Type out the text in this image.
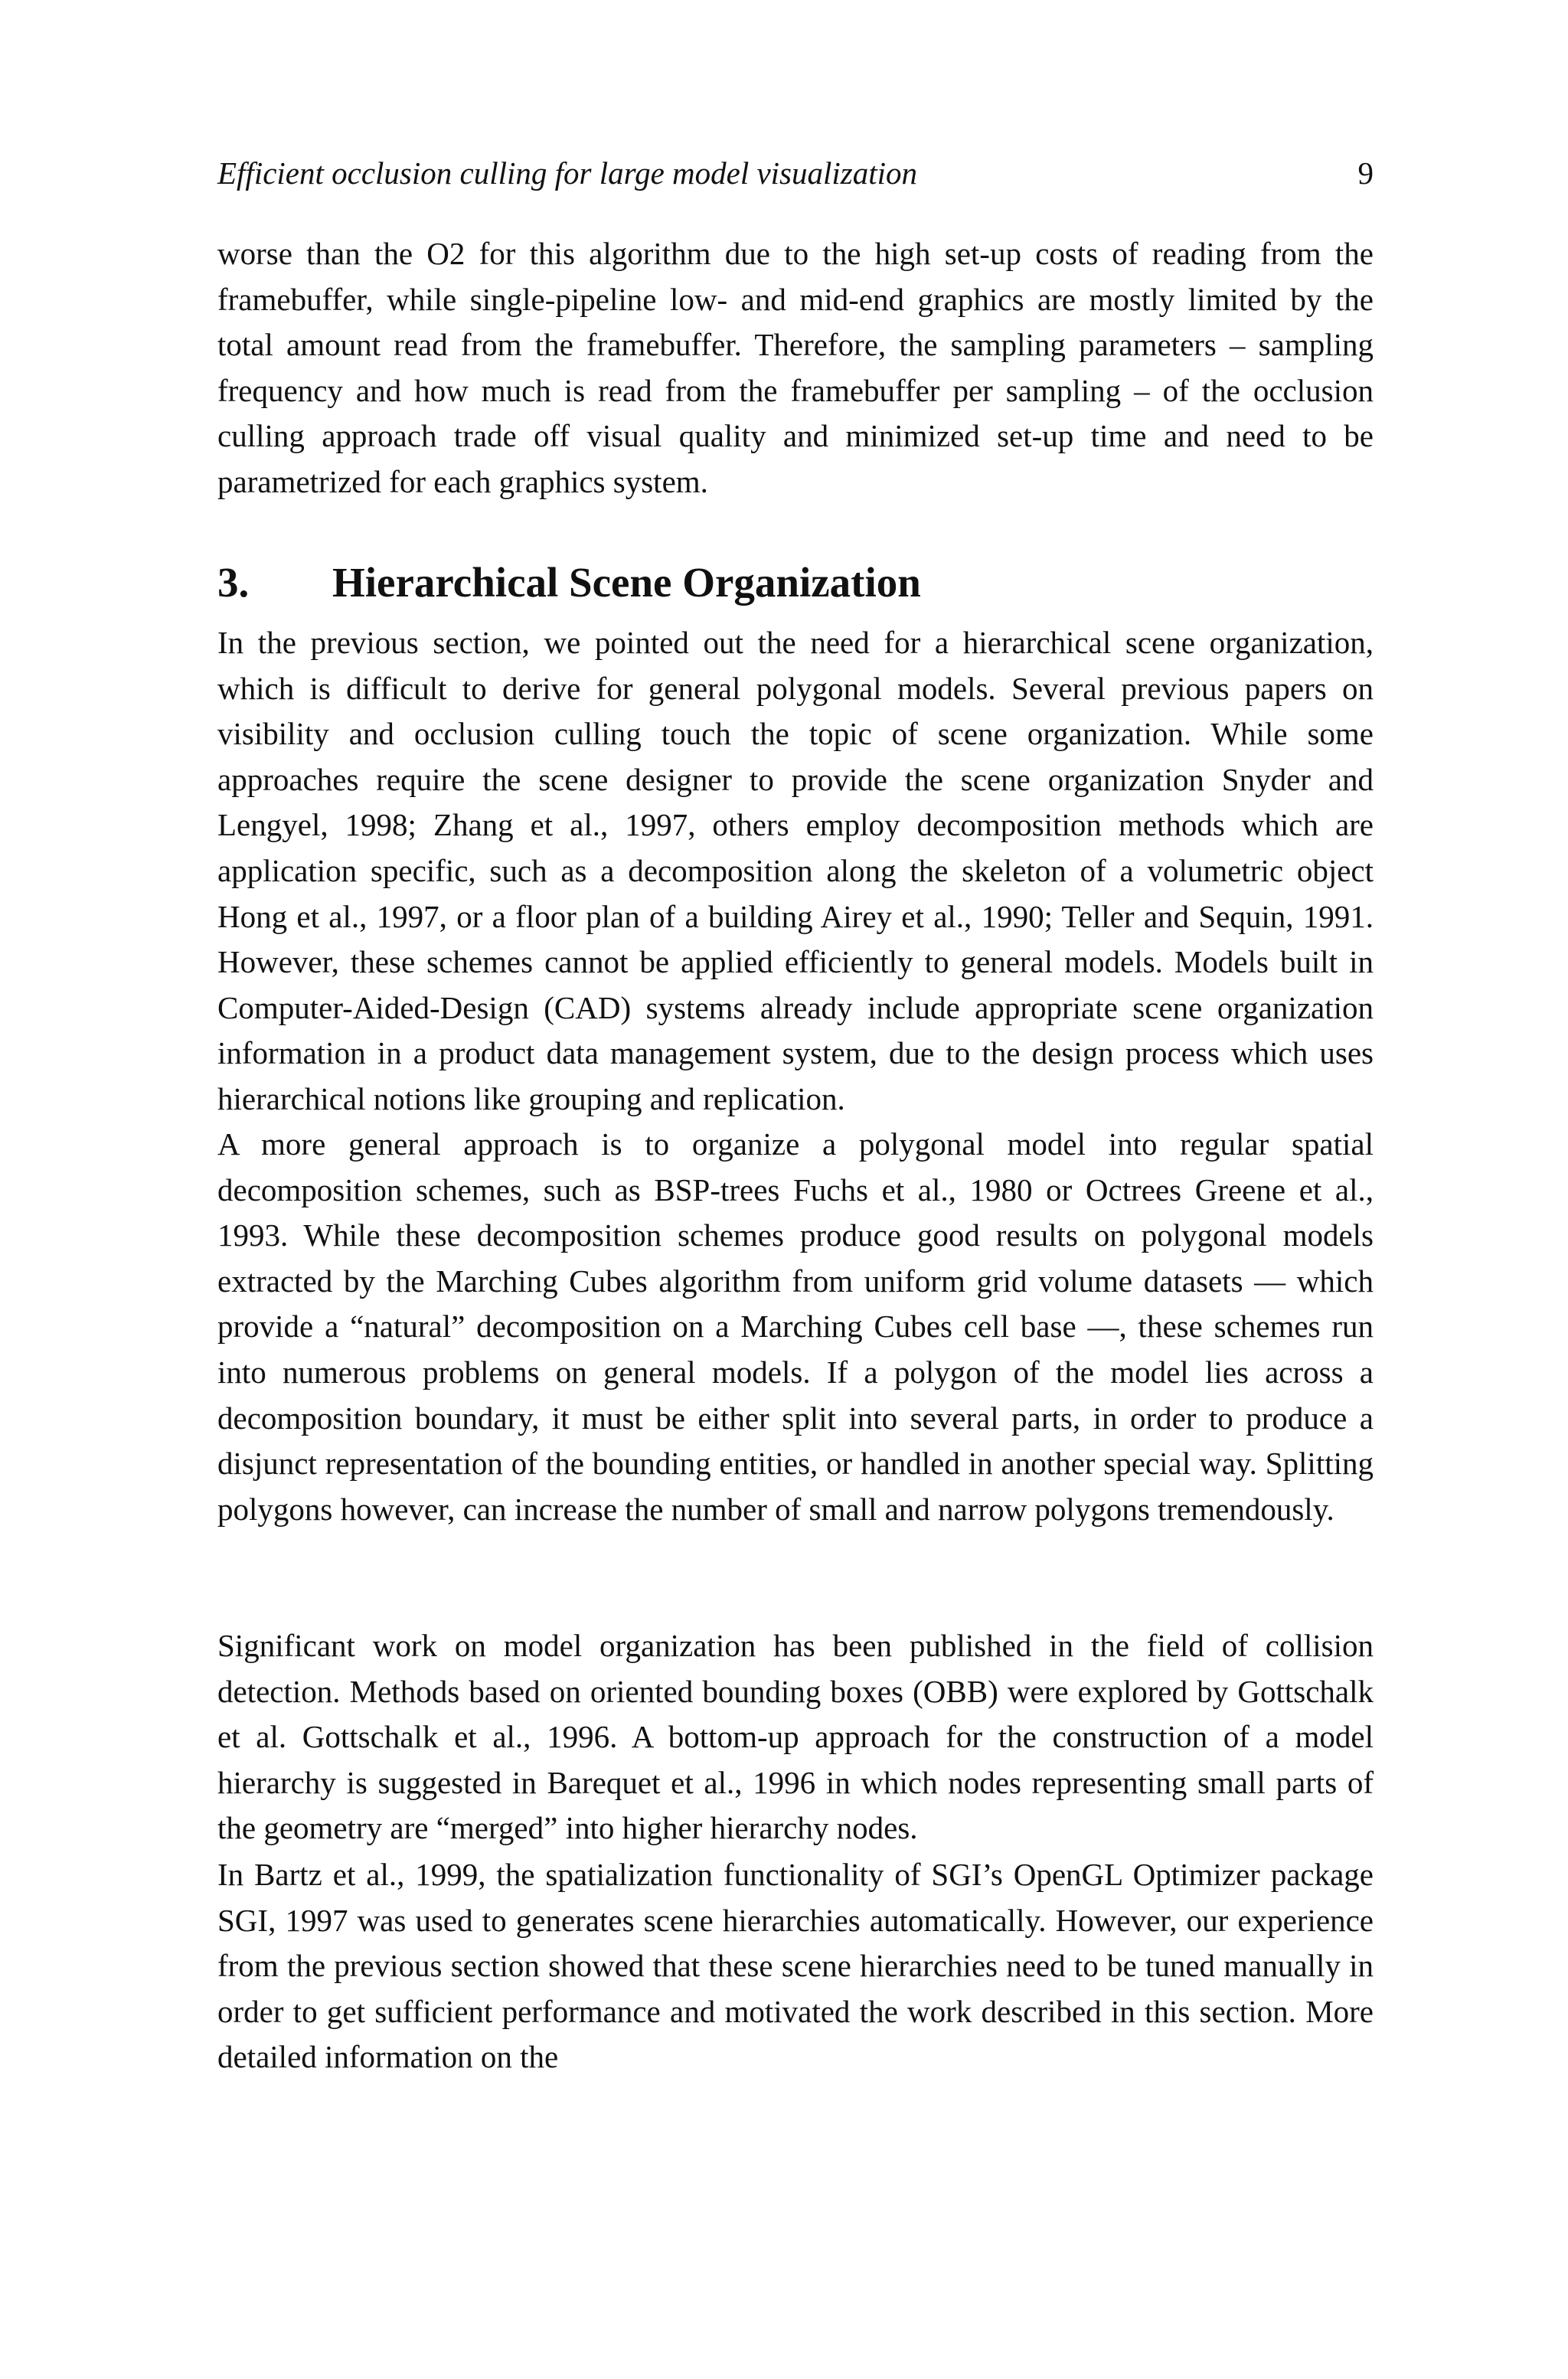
Efficient occlusion culling for large model visualization	9

worse than the O2 for this algorithm due to the high set-up costs of reading from the framebuffer, while single-pipeline low- and mid-end graphics are mostly limited by the total amount read from the framebuffer. Therefore, the sampling parameters – sampling frequency and how much is read from the framebuffer per sampling – of the occlusion culling approach trade off visual quality and minimized set-up time and need to be parametrized for each graphics system.

3. Hierarchical Scene Organization

In the previous section, we pointed out the need for a hierarchical scene organization, which is difficult to derive for general polygonal models. Several previous papers on visibility and occlusion culling touch the topic of scene organization. While some approaches require the scene designer to provide the scene organization Snyder and Lengyel, 1998; Zhang et al., 1997, others employ decomposition methods which are application specific, such as a decomposition along the skeleton of a volumetric object Hong et al., 1997, or a floor plan of a building Airey et al., 1990; Teller and Sequin, 1991. However, these schemes cannot be applied efficiently to general models. Models built in Computer-Aided-Design (CAD) systems already include appropriate scene organization information in a product data management system, due to the design process which uses hierarchical notions like grouping and replication.

A more general approach is to organize a polygonal model into regular spatial decomposition schemes, such as BSP-trees Fuchs et al., 1980 or Octrees Greene et al., 1993. While these decomposition schemes produce good results on polygonal models extracted by the Marching Cubes algorithm from uniform grid volume datasets — which provide a “natural” decomposition on a Marching Cubes cell base —, these schemes run into numerous problems on general models. If a polygon of the model lies across a decomposition boundary, it must be either split into several parts, in order to produce a disjunct representation of the bounding entities, or handled in another special way. Splitting polygons however, can increase the number of small and narrow polygons tremendously.

Significant work on model organization has been published in the field of collision detection. Methods based on oriented bounding boxes (OBB) were explored by Gottschalk et al. Gottschalk et al., 1996. A bottom-up approach for the construction of a model hierarchy is suggested in Barequet et al., 1996 in which nodes representing small parts of the geometry are “merged” into higher hierarchy nodes.

In Bartz et al., 1999, the spatialization functionality of SGI’s OpenGL Optimizer package SGI, 1997 was used to generates scene hierarchies automatically. However, our experience from the previous section showed that these scene hierarchies need to be tuned manually in order to get sufficient performance and motivated the work described in this section. More detailed information on the
